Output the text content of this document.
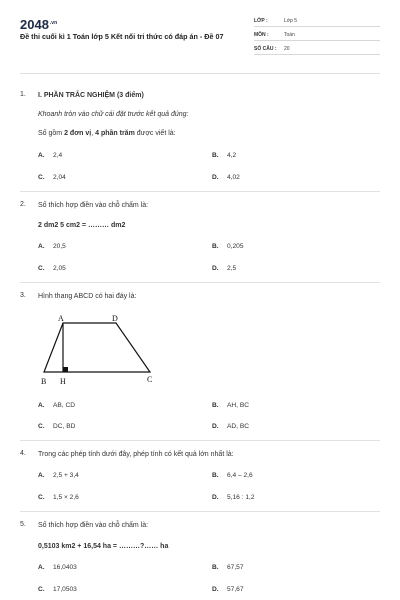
$2048^{.vn}$
Đề thi cuối kì 1 Toán lớp 5 Kết nối tri thức có đáp án - Đề 07
LỚP :	Lớp 5
MÔN :	Toán
SỐ CÂU : 20
1. I. PHẦN TRẮC NGHIỆM (3 điểm)
Khoanh tròn vào chữ cái đặt trước kết quả đúng:
Số gồm 2 đơn vị, 4 phần trăm được viết là:
A. 2,4	B. 4,2
C. 2,04	D. 4,02
2. Số thích hợp điền vào chỗ chấm là:
2 dm2 5 cm2 = ……… dm2
A. 20,5	B. 0,205
C. 2,05	D. 2,5
3. Hình thang ABCD có hai đáy là:
A	D
B H	C
A. AB, CD	B. AH, BC
C. DC, BD	D. AD, BC
4. Trong các phép tính dưới đây, phép tính có kết quả lớn nhất là:
A. 2,5 + 3,4	B. 6,4 – 2,6
C. 1,5 × 2,6	D. 5,16 : 1,2
5. Số thích hợp điền vào chỗ chấm là:
0,5103 km2 + 16,54 ha = ………?…… ha
A. 16,0403	B. 67,57
C. 17,0503	D. 57,67
